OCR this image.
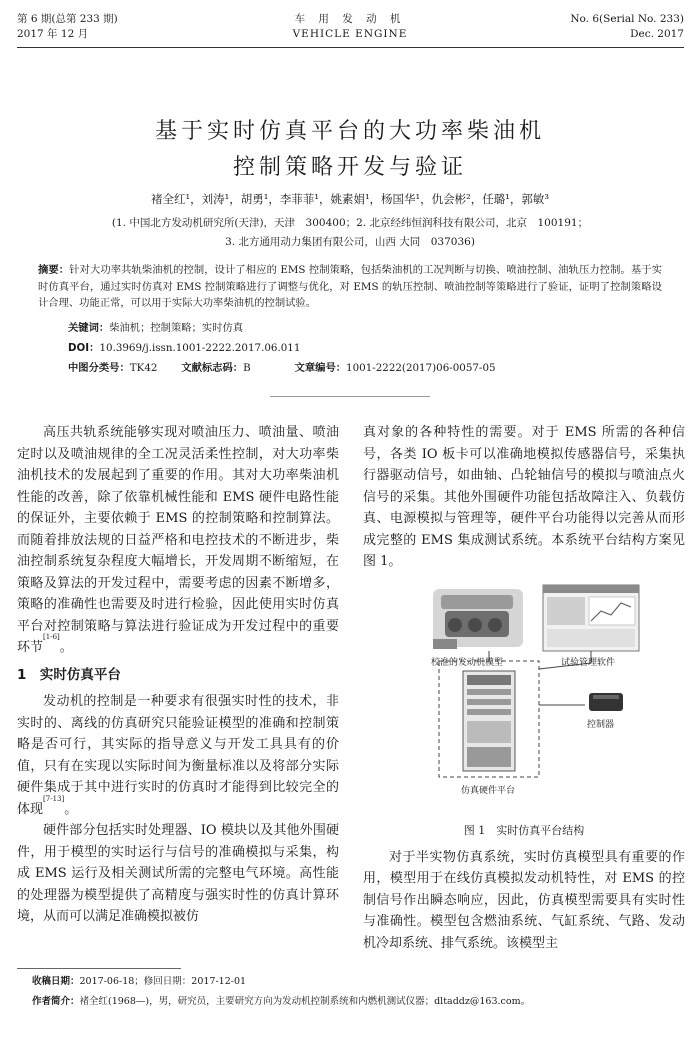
第 6 期(总第 233 期)
2017 年 12 月
车 用 发 动 机
VEHICLE ENGINE
No. 6(Serial No. 233)
Dec. 2017
基于实时仿真平台的大功率柴油机
控制策略开发与验证
褚全红¹，刘涛¹，胡勇¹，李菲菲¹，姚素娟¹，杨国华¹，仇会彬²，任璐¹，郭敏³
(1. 中国北方发动机研究所(天津)，天津　300400；2. 北京经纬恒润科技有限公司，北京　100191；
3. 北方通用动力集团有限公司，山西 大同　037036)
摘要：针对大功率共轨柴油机的控制，设计了相应的 EMS 控制策略，包括柴油机的工况判断与切换、喷油控制、油轨压力控制。基于实时仿真平台，通过实时仿真对 EMS 控制策略进行了调整与优化，对 EMS 的轨压控制、喷油控制等策略进行了验证，证明了控制策略设计合理、功能正常，可以用于实际大功率柴油机的控制试验。
关键词：柴油机；控制策略；实时仿真
DOI：10.3969/j.issn.1001-2222.2017.06.011
中图分类号：TK42 文献标志码：B	文章编号：1001-2222(2017)06-0057-05

高压共轨系统能够实现对喷油压力、喷油量、喷油定时以及喷油规律的全工况灵活柔性控制，对大功率柴油机技术的发展起到了重要的作用。其对大功率柴油机性能的改善，除了依靠机械性能和 EMS 硬件电路性能的保证外，主要依赖于 EMS 的控制策略和控制算法。而随着排放法规的日益严格和电控技术的不断进步，柴油控制系统复杂程度大幅增长，开发周期不断缩短，在策略及算法的开发过程中，需要考虑的因素不断增多，策略的准确性也需要及时进行检验，因此使用实时仿真平台对控制策略与算法进行验证成为开发过程中的重要环节[1-6]。

1　实时仿真平台

发动机的控制是一种要求有很强实时性的技术，非实时的、离线的仿真研究只能验证模型的准确和控制策略是否可行，其实际的指导意义与开发工具具有的价值，只有在实现以实际时间为衡量标准以及将部分实际硬件集成于其中进行实时的仿真时才能得到比较完全的体现[7-13]。

硬件部分包括实时处理器、IO 模块以及其他外围硬件，用于模型的实时运行与信号的准确模拟与采集，构成 EMS 运行及相关测试所需的完整电气环境。高性能的处理器为模型提供了高精度与强实时性的仿真计算环境，从而可以满足准确模拟被仿

真对象的各种特性的需要。对于 EMS 所需的各种信号，各类 IO 板卡可以准确地模拟传感器信号，采集执行器驱动信号，如曲轴、凸轮轴信号的模拟与喷油点火信号的采集。其他外围硬件功能包括故障注入、负载仿真、电源模拟与管理等，硬件平台功能得以完善从而形成完整的 EMS 集成测试系统。本系统平台结构方案见图 1。

校准的发动机模型	试验管理软件
控制器
仿真硬件平台
图 1　实时仿真平台结构

对于半实物仿真系统，实时仿真模型具有重要的作用，模型用于在线仿真模拟发动机特性，对 EMS 的控制信号作出瞬态响应，因此，仿真模型需要具有实时性与准确性。模型包含燃油系统、气缸系统、气路、发动机冷却系统、排气系统。该模型主

收稿日期：2017-06-18；修回日期：2017-12-01
作者简介：褚全红(1968—)，男，研究员，主要研究方向为发动机控制系统和内燃机测试仪器；dltaddz@163.com。
